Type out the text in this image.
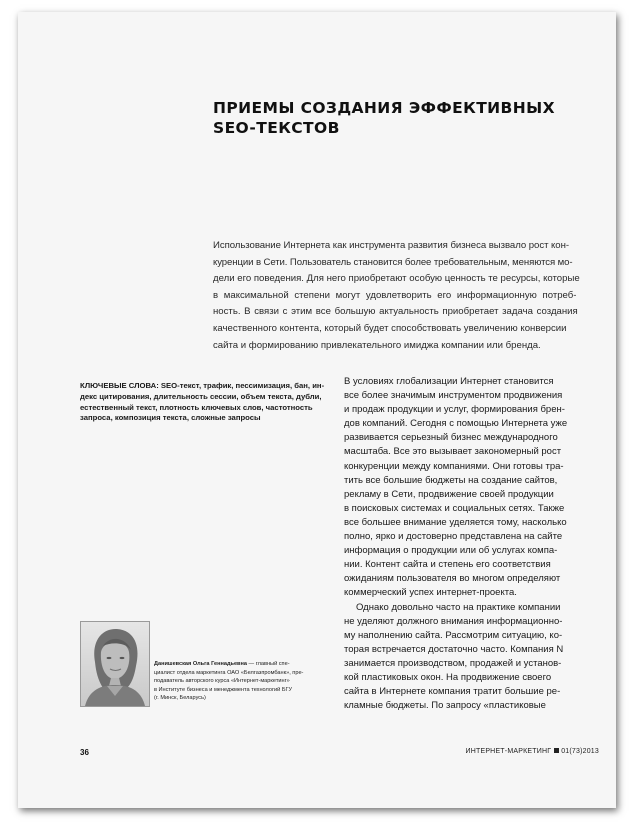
ПРИЕМЫ СОЗДАНИЯ ЭФФЕКТИВНЫХ
SEO-ТЕКСТОВ

Использование Интернета как инструмента развития бизнеса вызвало рост кон-
куренции в Сети. Пользователь становится более требовательным, меняются мо-
дели его поведения. Для него приобретают особую ценность те ресурсы, которые
в максимальной степени могут удовлетворить его информационную потреб-
ность. В связи с этим все большую актуальность приобретает задача создания
качественного контента, который будет способствовать увеличению конверсии
сайта и формированию привлекательного имиджа компании или бренда.

КЛЮЧЕВЫЕ СЛОВА: SEO-текст, трафик, пессимизация, бан, ин-
декс цитирования, длительность сессии, объем текста, дубли,
естественный текст, плотность ключевых слов, частотность
запроса, композиция текста, сложные запросы

В условиях глобализации Интернет становится
все более значимым инструментом продвижения
и продаж продукции и услуг, формирования брен-
дов компаний. Сегодня с помощью Интернета уже
развивается серьезный бизнес международного
масштаба. Все это вызывает закономерный рост
конкуренции между компаниями. Они готовы тра-
тить все большие бюджеты на создание сайтов,
рекламу в Сети, продвижение своей продукции
в поисковых системах и социальных сетях. Также
все большее внимание уделяется тому, насколько
полно, ярко и достоверно представлена на сайте
информация о продукции или об услугах компа-
нии. Контент сайта и степень его соответствия
ожиданиям пользователя во многом определяют
коммерческий успех интернет-проекта.
Однако довольно часто на практике компании
не уделяют должного внимания информационно-
му наполнению сайта. Рассмотрим ситуацию, ко-
торая встречается достаточно часто. Компания N
занимается производством, продажей и установ-
кой пластиковых окон. На продвижение своего
сайта в Интернете компания тратит большие ре-
кламные бюджеты. По запросу «пластиковые

Данишевская Ольга Геннадьевна — главный спе-
циалист отдела маркетинга ОАО «Белгазпромбанк», пре-
подаватель авторского курса «Интернет-маркетинг»
в Институте бизнеса и менеджмента технологий БГУ
(г. Минск, Беларусь)

36	ИНТЕРНЕТ-МАРКЕТИНГ 01(73)2013
